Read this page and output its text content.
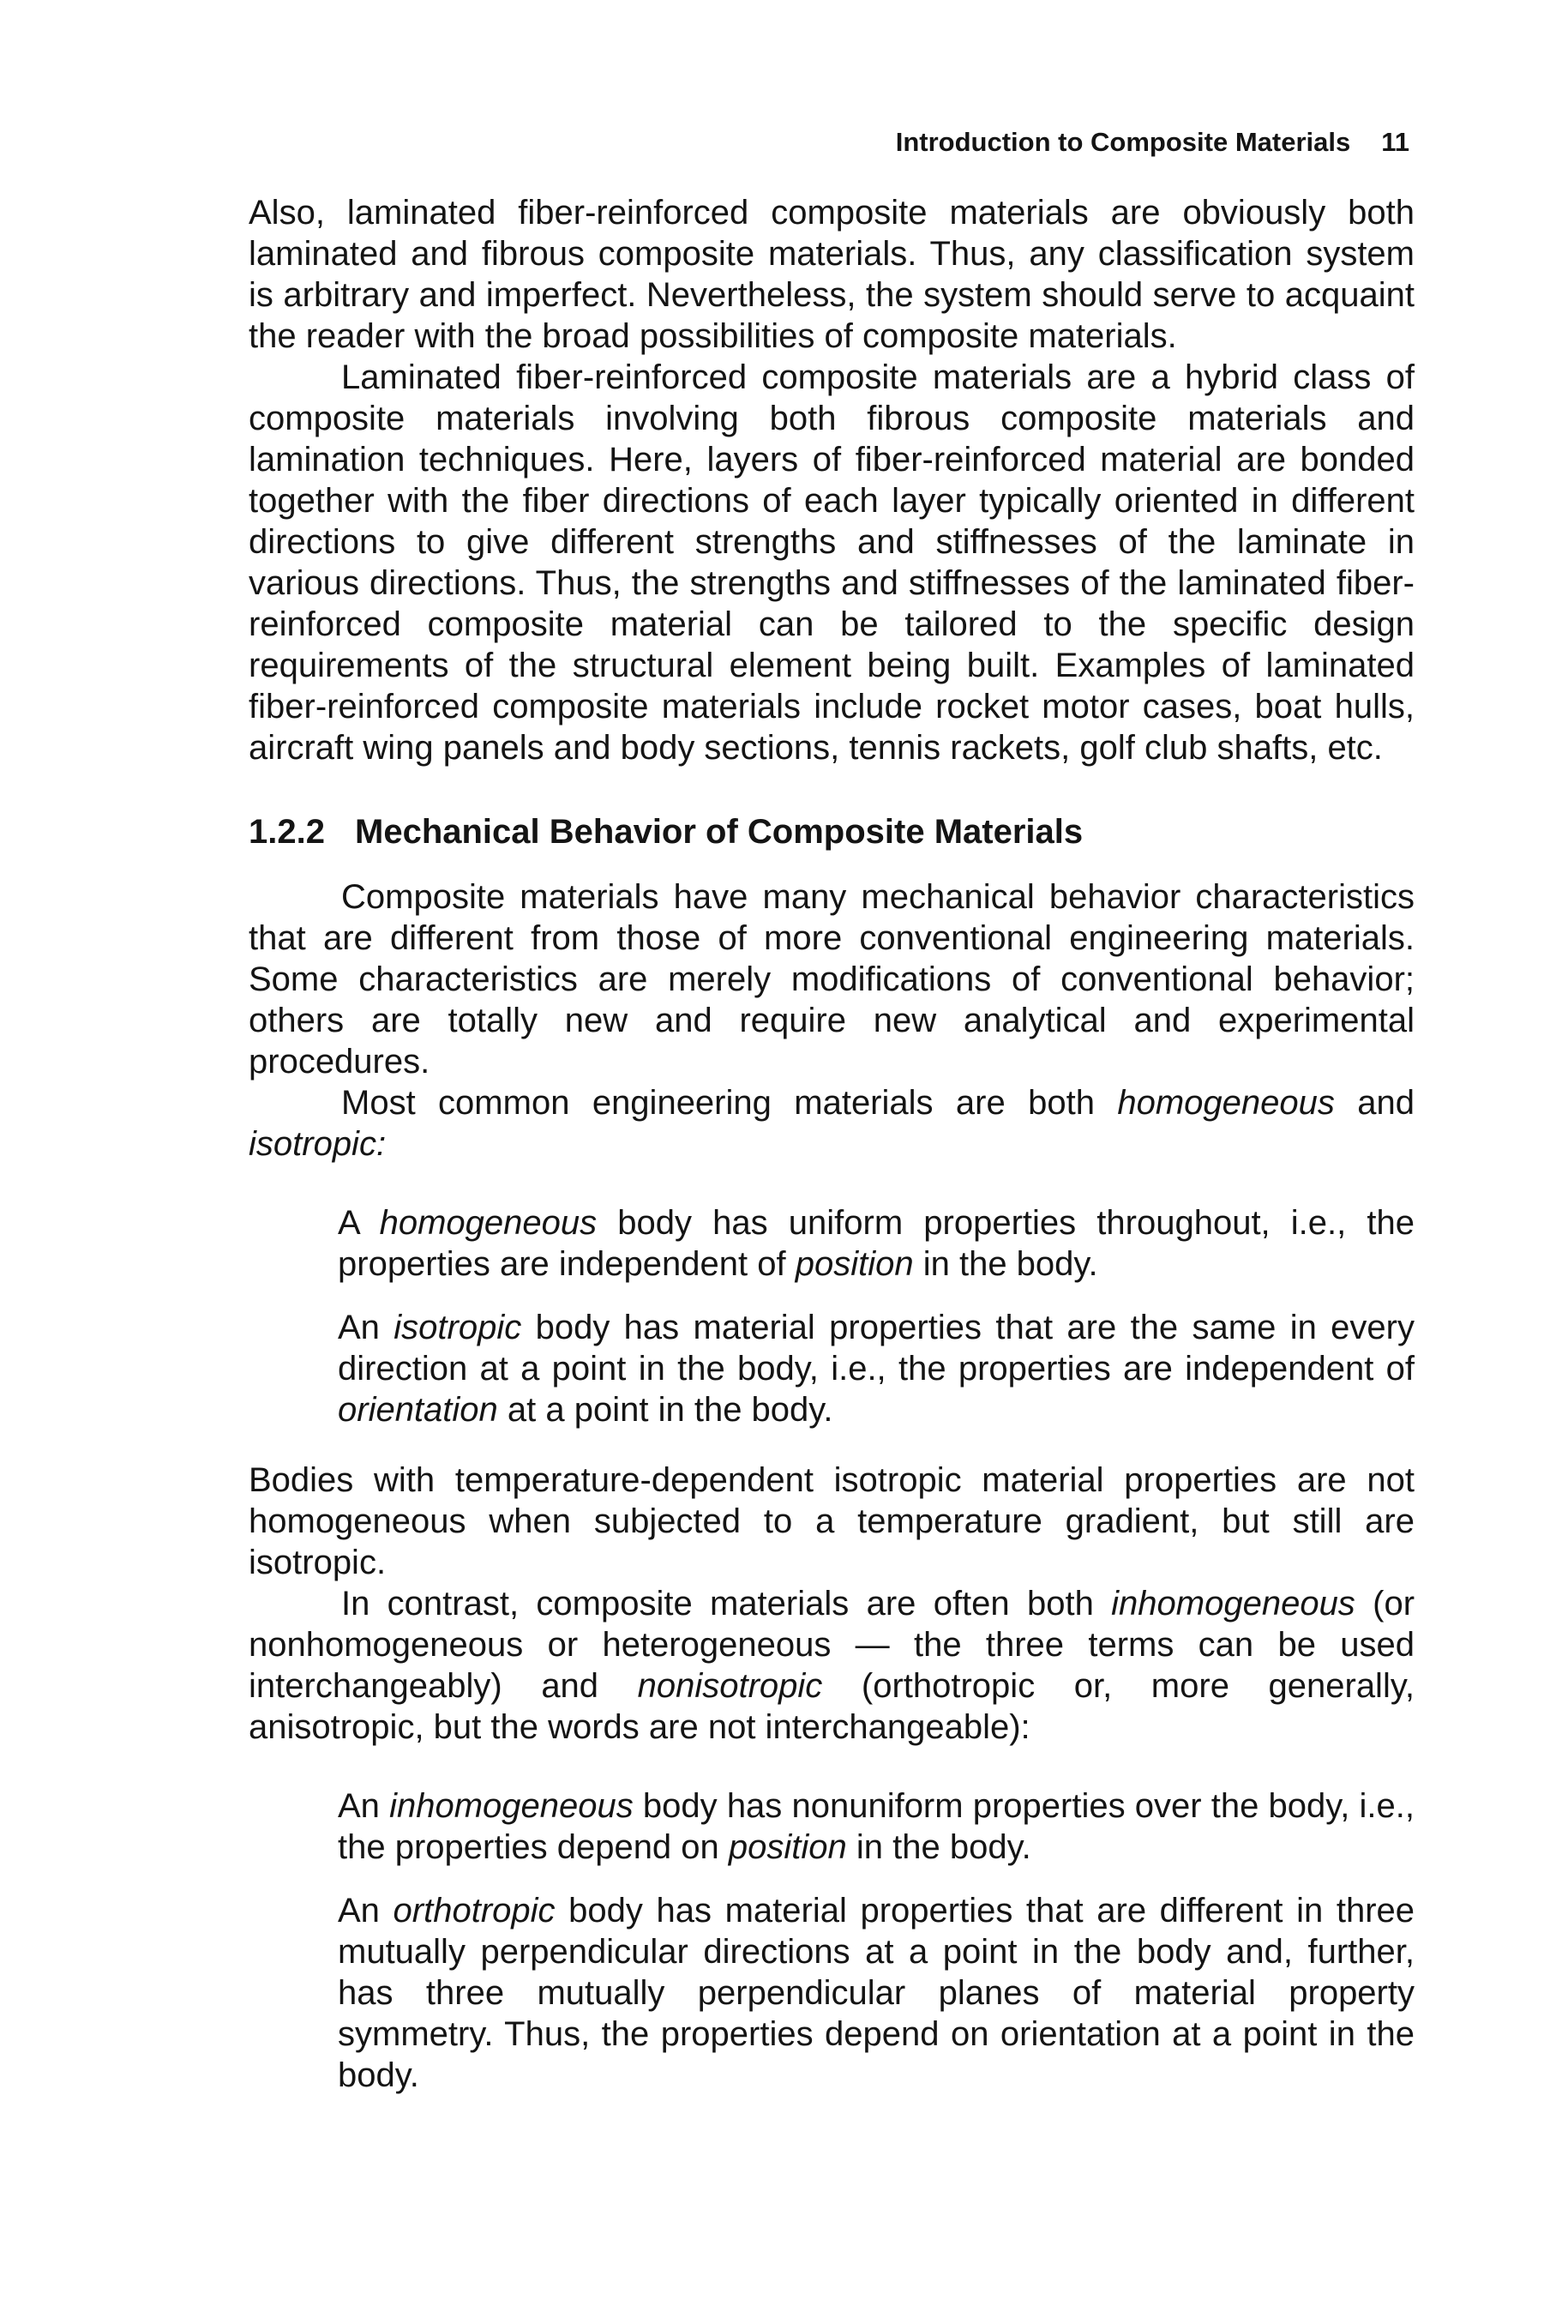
Introduction to Composite Materials 11

Also, laminated fiber-reinforced composite materials are obviously both laminated and fibrous composite materials. Thus, any classification system is arbitrary and imperfect. Nevertheless, the system should serve to acquaint the reader with the broad possibilities of composite materials.

Laminated fiber-reinforced composite materials are a hybrid class of composite materials involving both fibrous composite materials and lamination techniques. Here, layers of fiber-reinforced material are bonded together with the fiber directions of each layer typically oriented in different directions to give different strengths and stiffnesses of the laminate in various directions. Thus, the strengths and stiffnesses of the laminated fiber-reinforced composite material can be tailored to the specific design requirements of the structural element being built. Examples of laminated fiber-reinforced composite materials include rocket motor cases, boat hulls, aircraft wing panels and body sections, tennis rackets, golf club shafts, etc.

1.2.2 Mechanical Behavior of Composite Materials

Composite materials have many mechanical behavior characteristics that are different from those of more conventional engineering materials. Some characteristics are merely modifications of conventional behavior; others are totally new and require new analytical and experimental procedures.

Most common engineering materials are both homogeneous and isotropic:

A homogeneous body has uniform properties throughout, i.e., the properties are independent of position in the body.

An isotropic body has material properties that are the same in every direction at a point in the body, i.e., the properties are independent of orientation at a point in the body.

Bodies with temperature-dependent isotropic material properties are not homogeneous when subjected to a temperature gradient, but still are isotropic.

In contrast, composite materials are often both inhomogeneous (or nonhomogeneous or heterogeneous — the three terms can be used interchangeably) and nonisotropic (orthotropic or, more generally, anisotropic, but the words are not interchangeable):

An inhomogeneous body has nonuniform properties over the body, i.e., the properties depend on position in the body.

An orthotropic body has material properties that are different in three mutually perpendicular directions at a point in the body and, further, has three mutually perpendicular planes of material property symmetry. Thus, the properties depend on orientation at a point in the body.
